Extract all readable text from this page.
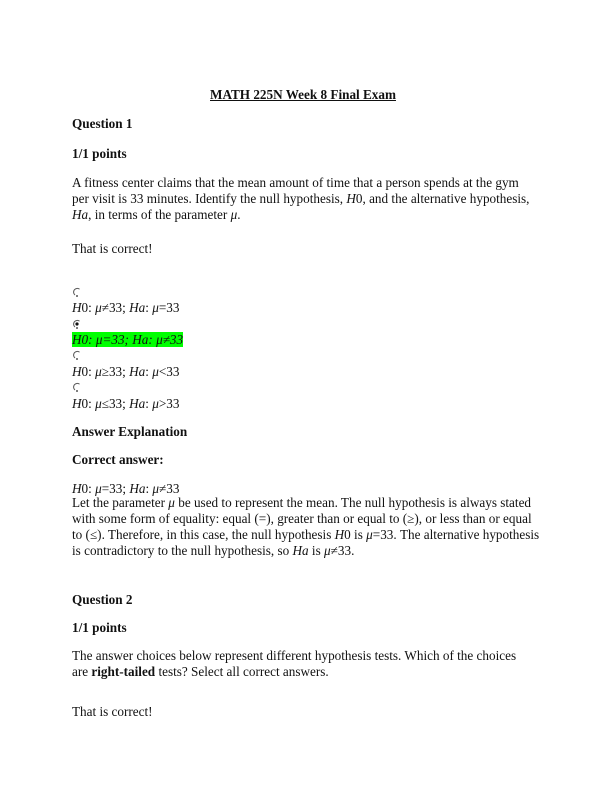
MATH 225N Week 8 Final Exam
Question 1
1/1 points
A fitness center claims that the mean amount of time that a person spends at the gym per visit is 33 minutes. Identify the null hypothesis, H0, and the alternative hypothesis, Ha, in terms of the parameter μ.
That is correct!
H0: μ≠33; Ha: μ=33
H0: μ=33; Ha: μ≠33
H0: μ≥33; Ha: μ<33
H0: μ≤33; Ha: μ>33
Answer Explanation
Correct answer:
H0: μ=33; Ha: μ≠33
Let the parameter μ be used to represent the mean. The null hypothesis is always stated with some form of equality: equal (=), greater than or equal to (≥), or less than or equal to (≤). Therefore, in this case, the null hypothesis H0 is μ=33. The alternative hypothesis is contradictory to the null hypothesis, so Ha is μ≠33.
Question 2
1/1 points
The answer choices below represent different hypothesis tests. Which of the choices are right-tailed tests? Select all correct answers.
That is correct!
